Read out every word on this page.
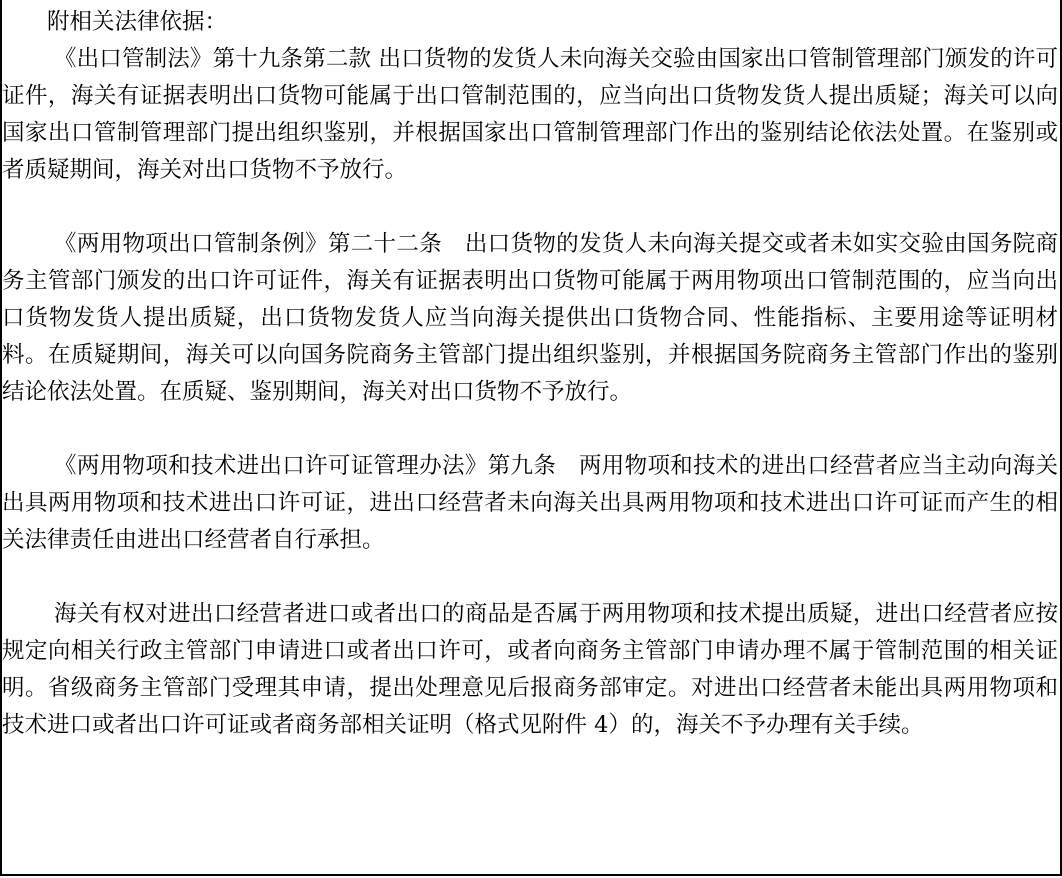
附相关法律依据：

《出口管制法》第十九条第二款 出口货物的发货人未向海关交验由国家出口管制管理部门颁发的许可证件，海关有证据表明出口货物可能属于出口管制范围的，应当向出口货物发货人提出质疑；海关可以向国家出口管制管理部门提出组织鉴别，并根据国家出口管制管理部门作出的鉴别结论依法处置。在鉴别或者质疑期间，海关对出口货物不予放行。

《两用物项出口管制条例》第二十二条　出口货物的发货人未向海关提交或者未如实交验由国务院商务主管部门颁发的出口许可证件，海关有证据表明出口货物可能属于两用物项出口管制范围的，应当向出口货物发货人提出质疑，出口货物发货人应当向海关提供出口货物合同、性能指标、主要用途等证明材料。在质疑期间，海关可以向国务院商务主管部门提出组织鉴别，并根据国务院商务主管部门作出的鉴别结论依法处置。在质疑、鉴别期间，海关对出口货物不予放行。

《两用物项和技术进出口许可证管理办法》第九条　两用物项和技术的进出口经营者应当主动向海关出具两用物项和技术进出口许可证，进出口经营者未向海关出具两用物项和技术进出口许可证而产生的相关法律责任由进出口经营者自行承担。

海关有权对进出口经营者进口或者出口的商品是否属于两用物项和技术提出质疑，进出口经营者应按规定向相关行政主管部门申请进口或者出口许可，或者向商务主管部门申请办理不属于管制范围的相关证明。省级商务主管部门受理其申请，提出处理意见后报商务部审定。对进出口经营者未能出具两用物项和技术进口或者出口许可证或者商务部相关证明（格式见附件 4）的，海关不予办理有关手续。
